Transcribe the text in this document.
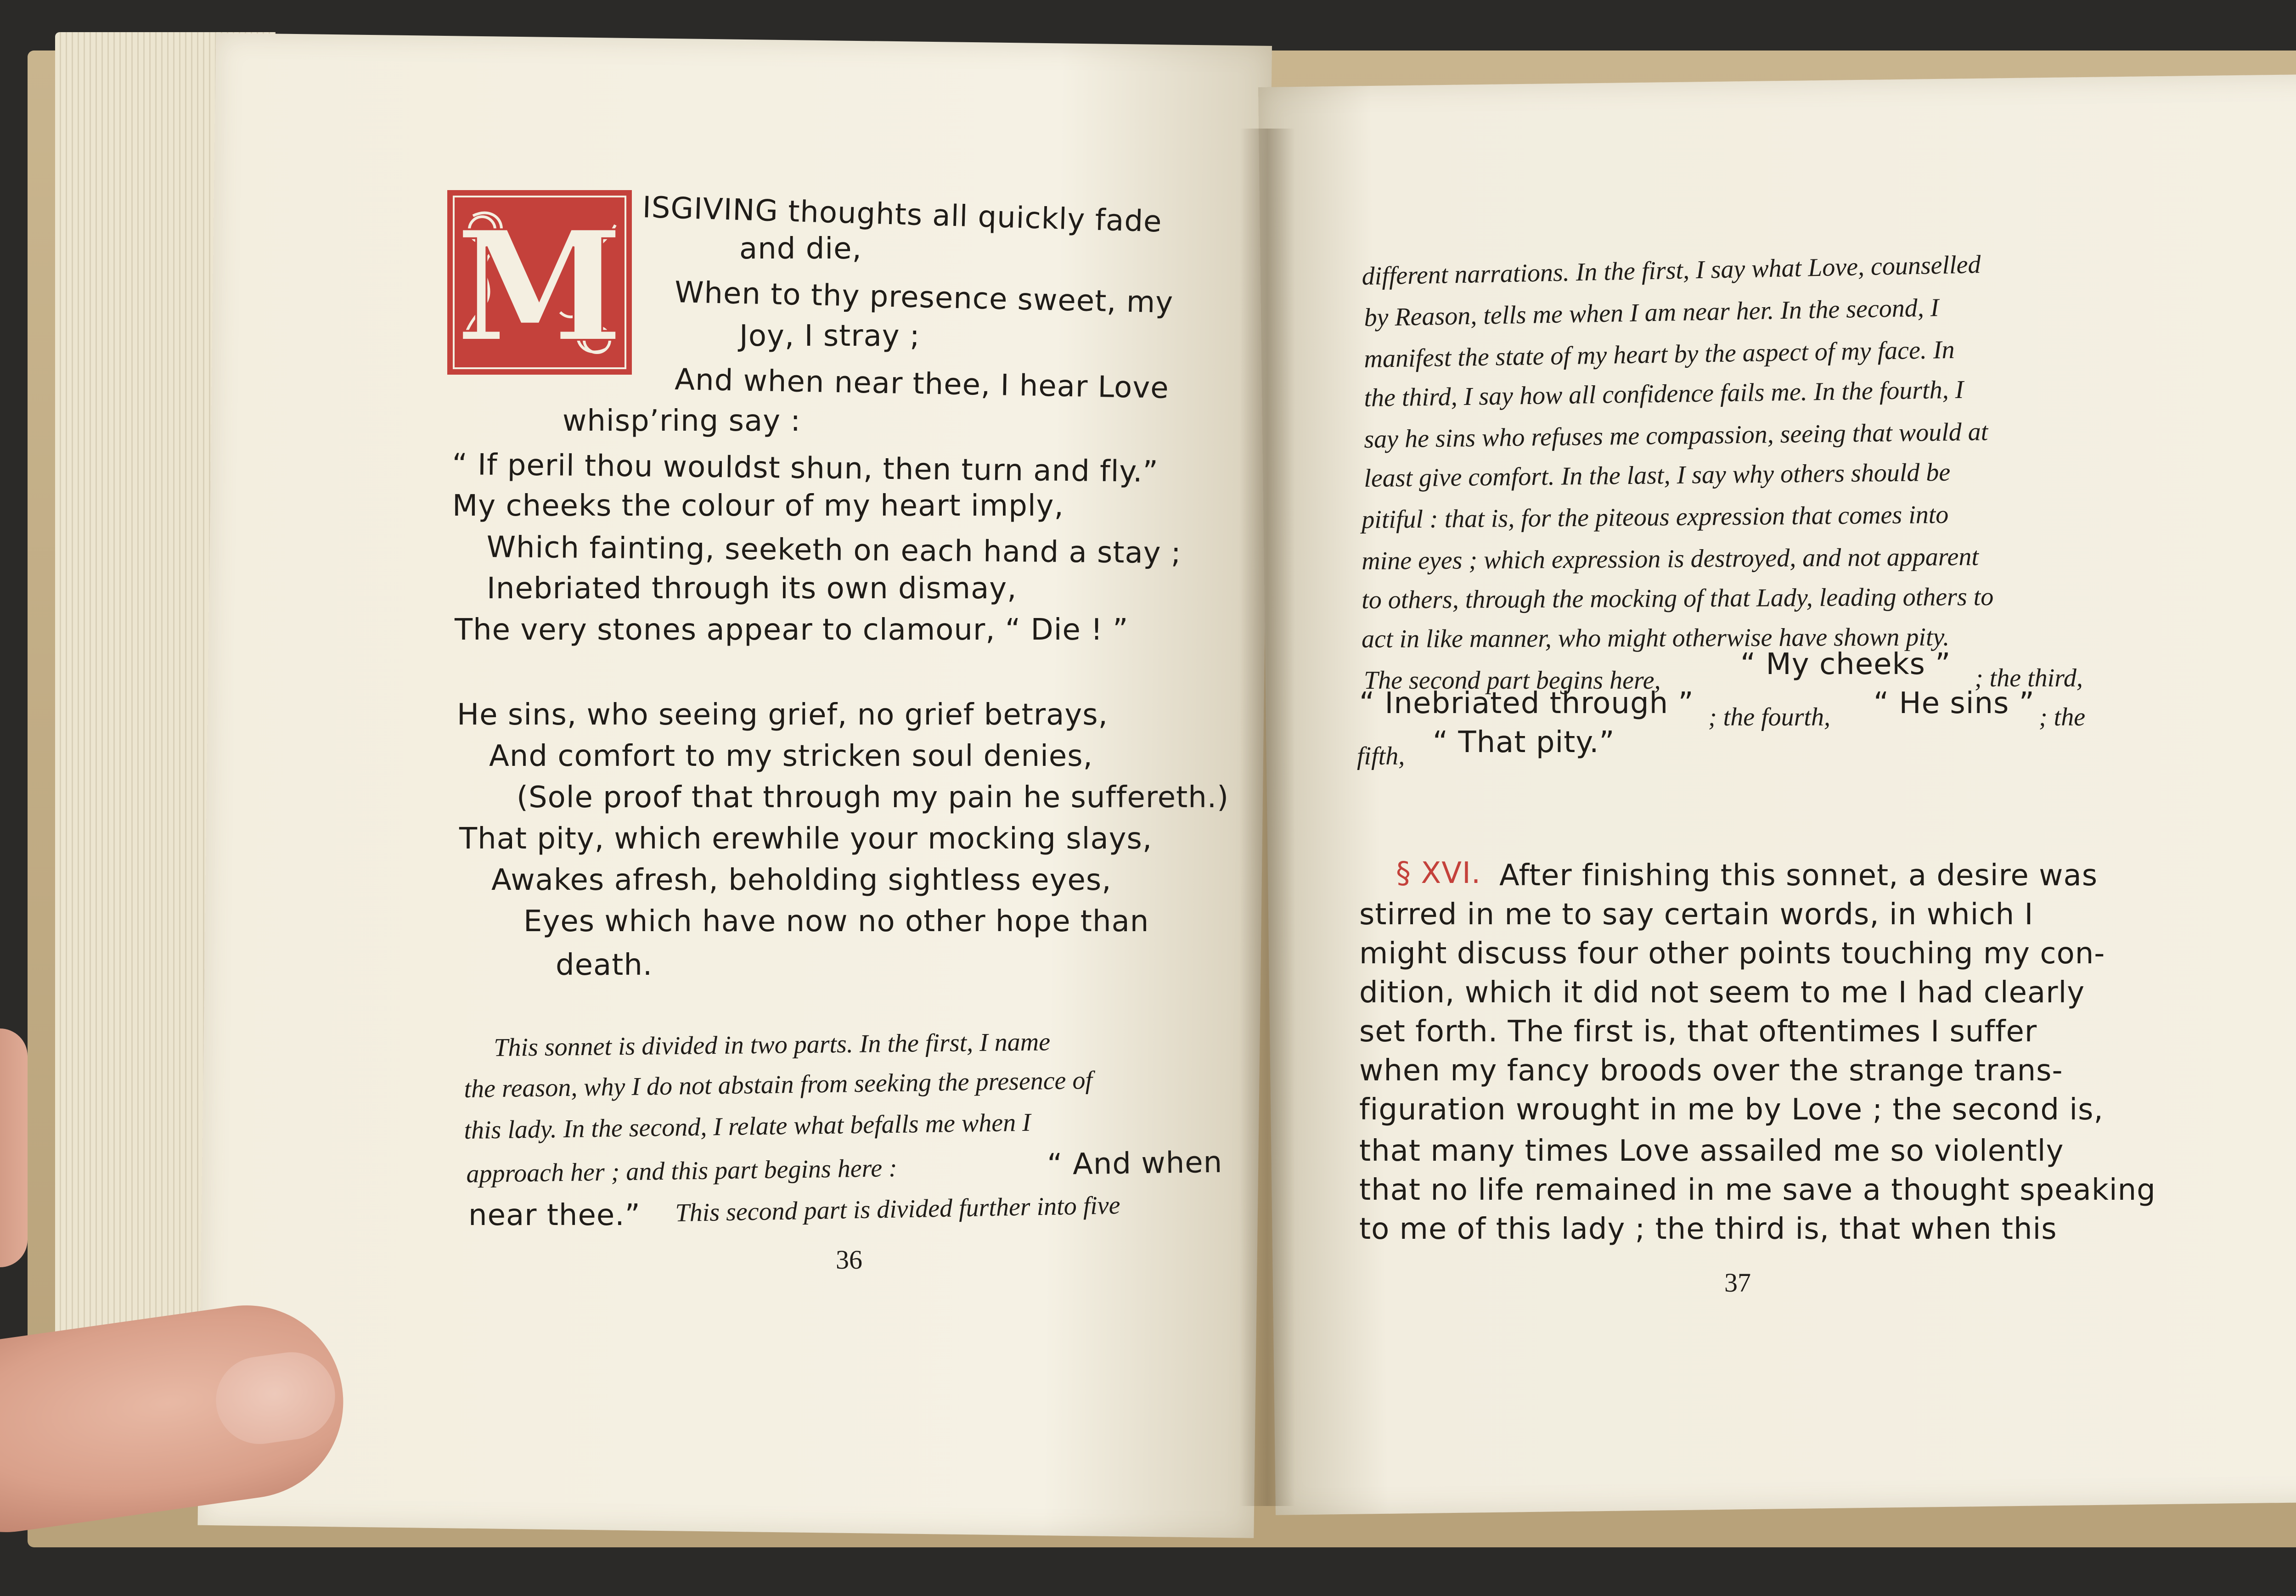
M ISGIVING thoughts all quickly fade
and die,
When to thy presence sweet, my
Joy, I stray ;
And when near thee, I hear Love
whisp’ring say :
“ If peril thou wouldst shun, then turn and fly.”
My cheeks the colour of my heart imply,
Which fainting, seeketh on each hand a stay ;
Inebriated through its own dismay,
The very stones appear to clamour, “ Die ! ”
He sins, who seeing grief, no grief betrays,
And comfort to my stricken soul denies,
(Sole proof that through my pain he suffereth.)
That pity, which erewhile your mocking slays,
Awakes afresh, beholding sightless eyes,
Eyes which have now no other hope than
death.
This sonnet is divided in two parts. In the first, I name
the reason, why I do not abstain from seeking the presence of
this lady. In the second, I relate what befalls me when I
approach her ; and this part begins here :	“ And when
near thee.” This second part is divided further into five
36
different narrations. In the first, I say what Love, counselled
by Reason, tells me when I am near her. In the second, I
manifest the state of my heart by the aspect of my face. In
the third, I say how all confidence fails me. In the fourth, I
say he sins who refuses me compassion, seeing that would at
least give comfort. In the last, I say why others should be
pitiful : that is, for the piteous expression that comes into
mine eyes ; which expression is destroyed, and not apparent
to others, through the mocking of that Lady, leading others to
act in like manner, who might otherwise have shown pity.
The second part begins here,	“ My cheeks ” ; the third,
“ Inebriated through ” ; the fourth, “ He sins ” ; the
fifth, “ That pity.”
§ XVI. After finishing this sonnet, a desire was
stirred in me to say certain words, in which I
might discuss four other points touching my con-
dition, which it did not seem to me I had clearly
set forth. The first is, that oftentimes I suffer
when my fancy broods over the strange trans-
figuration wrought in me by Love ; the second is,
that many times Love assailed me so violently
that no life remained in me save a thought speaking
to me of this lady ; the third is, that when this
37
